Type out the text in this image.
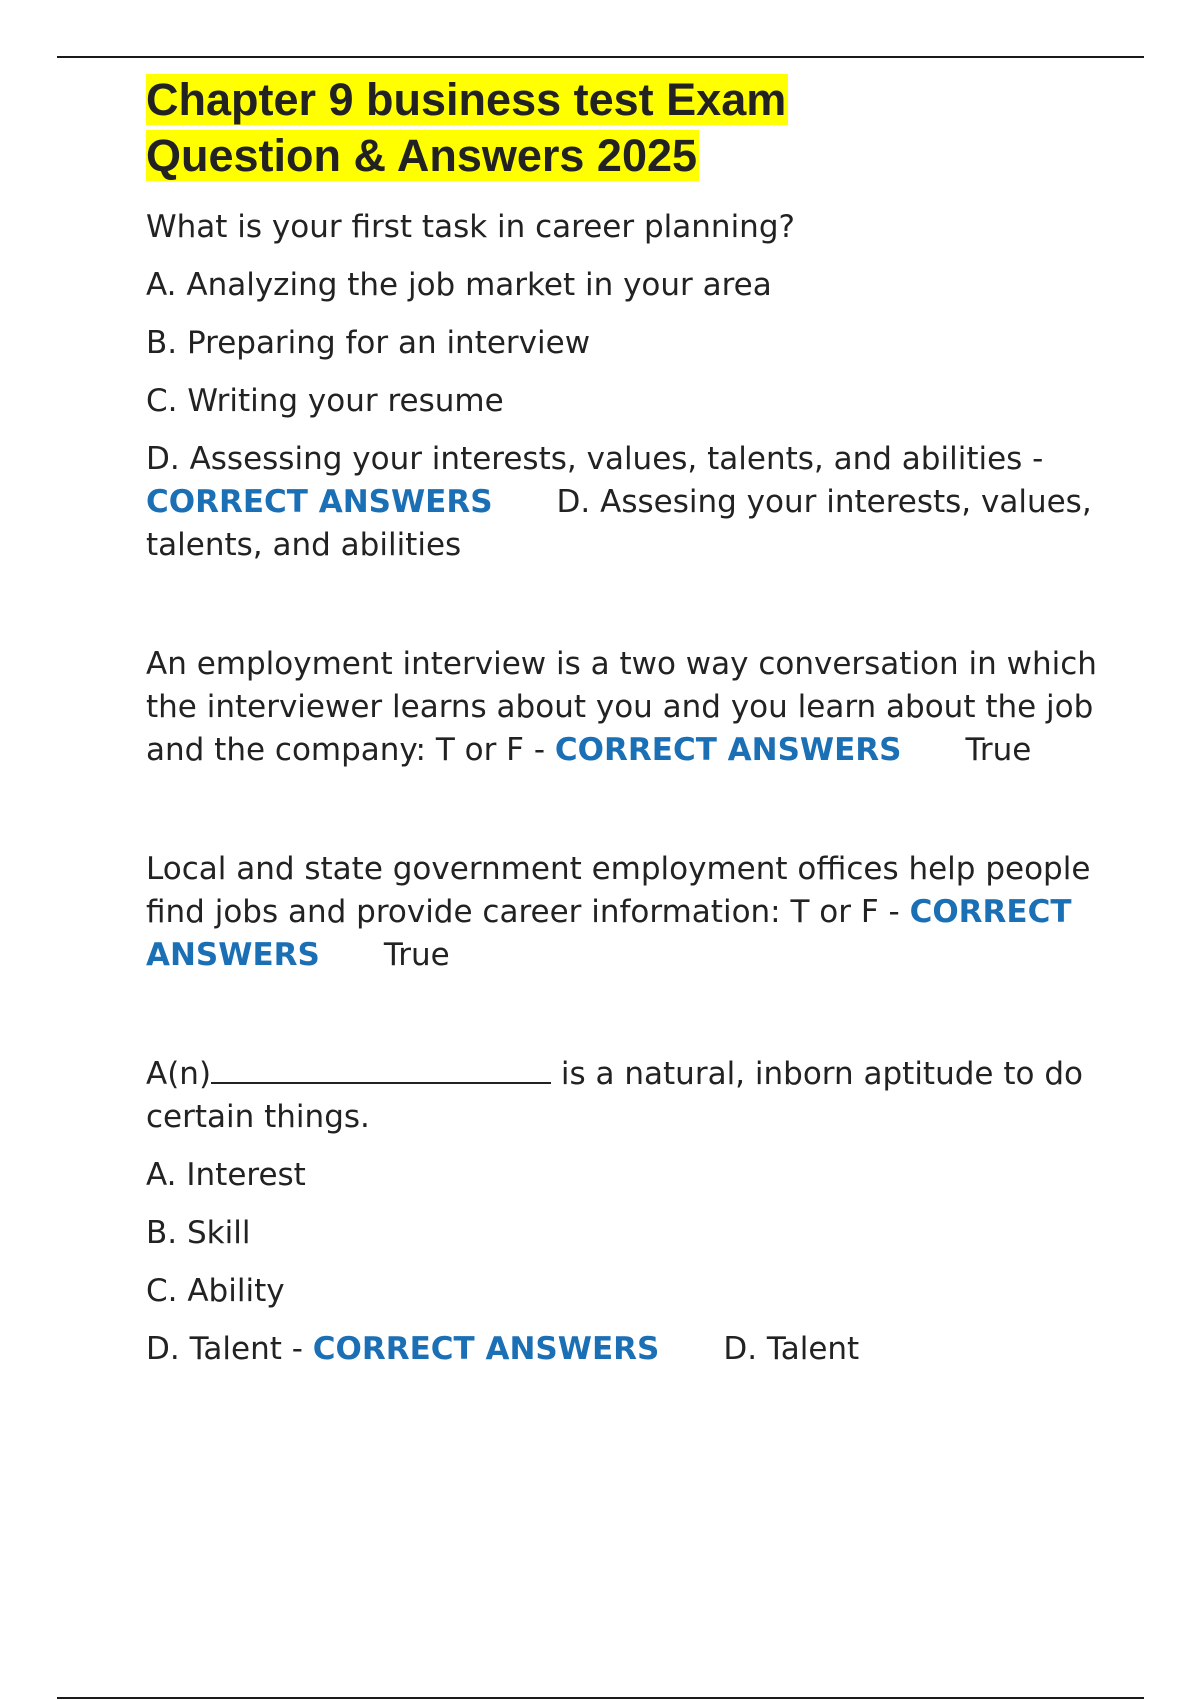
Chapter 9 business test Exam
Question & Answers 2025

What is your first task in career planning?

A. Analyzing the job market in your area

B. Preparing for an interview

C. Writing your resume

D. Assessing your interests, values, talents, and abilities - CORRECT ANSWERS D. Assesing your interests, values, talents, and abilities

An employment interview is a two way conversation in which the interviewer learns about you and you learn about the job and the company: T or F - CORRECT ANSWERS True

Local and state government employment offices help people find jobs and provide career information: T or F - CORRECT ANSWERS True

A(n)	is a natural, inborn aptitude to do certain things.

A. Interest

B. Skill

C. Ability

D. Talent - CORRECT ANSWERS D. Talent
